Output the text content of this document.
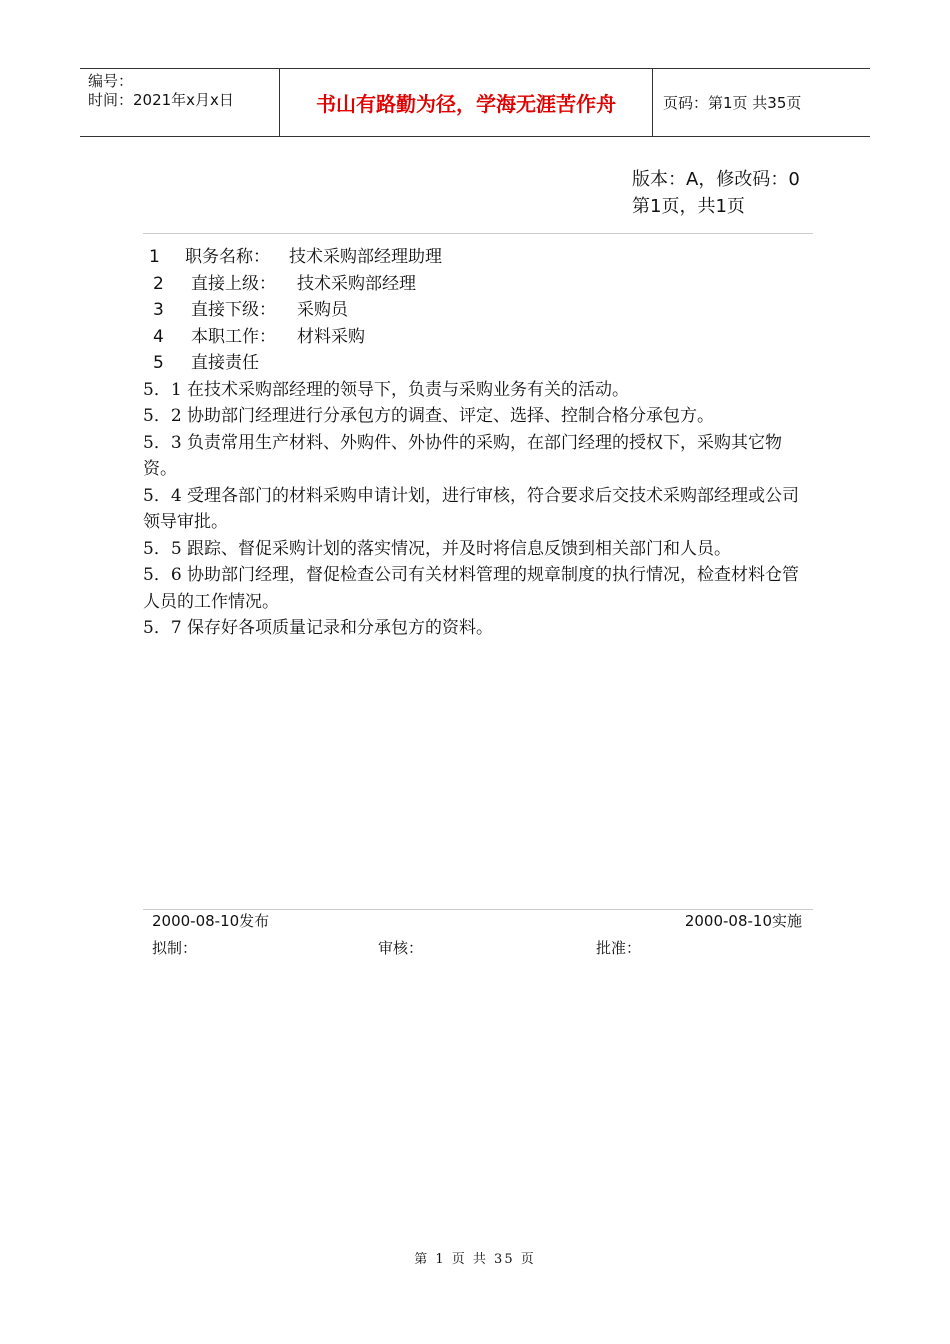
编号：
时间：2021年x月x日	书山有路勤为径，学海无涯苦作舟	页码：第1页 共35页
版本：A，修改码：0
第1页，共1页
1	职务名称：	技术采购部经理助理
2	直接上级：	技术采购部经理
3	直接下级：	采购员
4	本职工作：	材料采购
5	直接责任

5．1 在技术采购部经理的领导下，负责与采购业务有关的活动。

5．2 协助部门经理进行分承包方的调查、评定、选择、控制合格分承包方。

5．3 负责常用生产材料、外购件、外协件的采购，在部门经理的授权下，采购其它物资。

5．4 受理各部门的材料采购申请计划，进行审核，符合要求后交技术采购部经理或公司领导审批。

5．5 跟踪、督促采购计划的落实情况，并及时将信息反馈到相关部门和人员。

5．6 协助部门经理，督促检查公司有关材料管理的规章制度的执行情况，检查材料仓管人员的工作情况。

5．7 保存好各项质量记录和分承包方的资料。

2000-08-10发布	2000-08-10实施
拟制：	审核：	批准：
第 1 页 共 35 页
